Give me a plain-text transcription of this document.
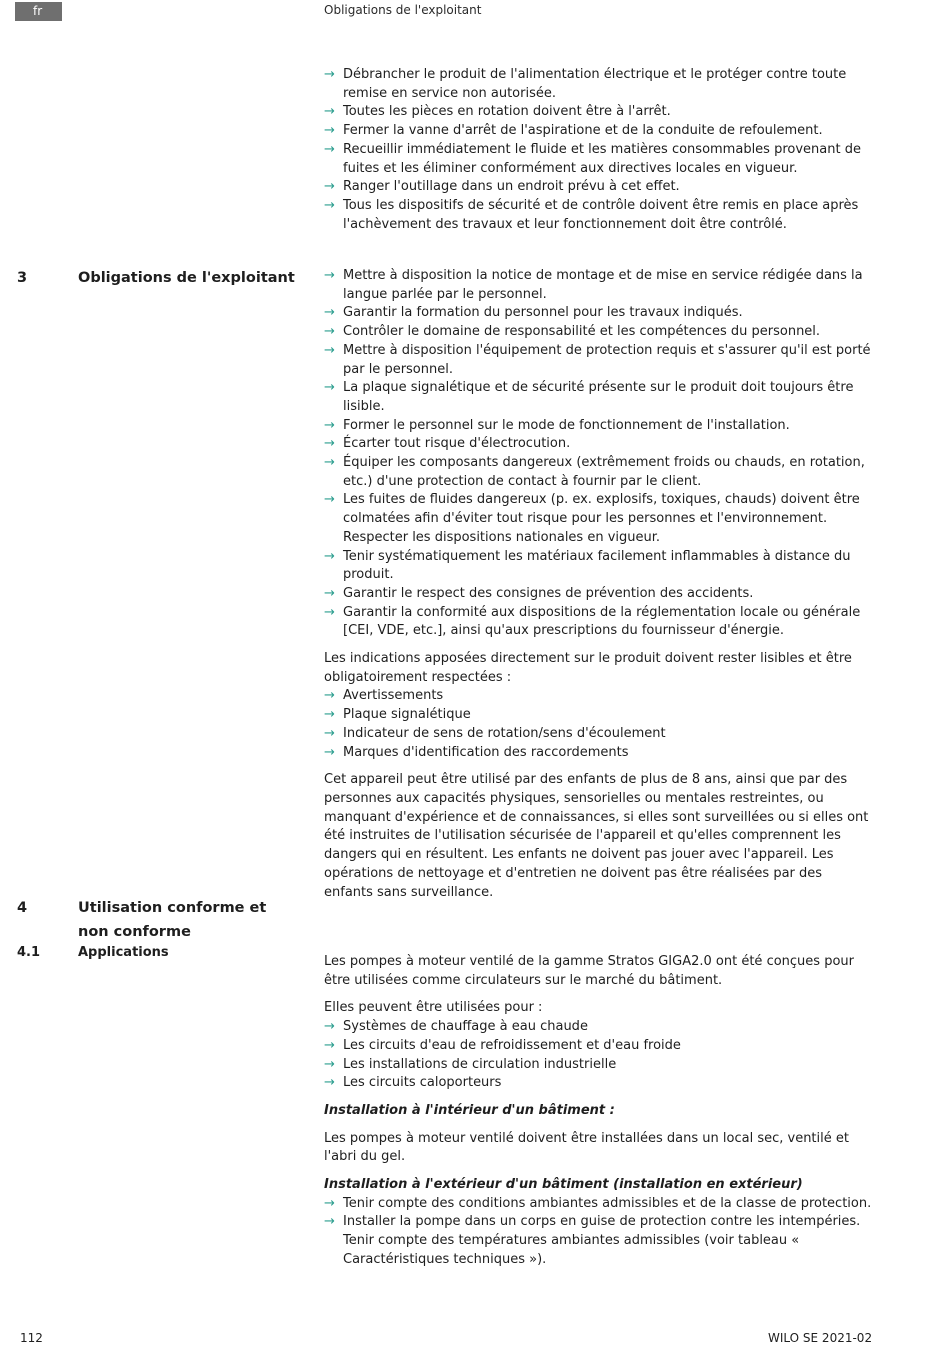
fr	Obligations de l'exploitant
→ Débrancher le produit de l'alimentation électrique et le protéger contre toute remise en service non autorisée.
→ Toutes les pièces en rotation doivent être à l'arrêt.
→ Fermer la vanne d'arrêt de l'aspiratione et de la conduite de refoulement.
→ Recueillir immédiatement le fluide et les matières consommables provenant de fuites et les éliminer conformément aux directives locales en vigueur.
→ Ranger l'outillage dans un endroit prévu à cet effet.
→ Tous les dispositifs de sécurité et de contrôle doivent être remis en place après l'achèvement des travaux et leur fonctionnement doit être contrôlé.
3	Obligations de l'exploitant → Mettre à disposition la notice de montage et de mise en service rédigée dans la langue parlée par le personnel.
→ Garantir la formation du personnel pour les travaux indiqués.
→ Contrôler le domaine de responsabilité et les compétences du personnel.
→ Mettre à disposition l'équipement de protection requis et s'assurer qu'il est porté par le personnel.
→ La plaque signalétique et de sécurité présente sur le produit doit toujours être lisible.
→ Former le personnel sur le mode de fonctionnement de l'installation.
→ Écarter tout risque d'électrocution.
→ Équiper les composants dangereux (extrêmement froids ou chauds, en rotation, etc.) d'une protection de contact à fournir par le client.
→ Les fuites de fluides dangereux (p. ex. explosifs, toxiques, chauds) doivent être colmatées afin d'éviter tout risque pour les personnes et l'environnement. Respecter les dispositions nationales en vigueur.
→ Tenir systématiquement les matériaux facilement inflammables à distance du produit.
→ Garantir le respect des consignes de prévention des accidents.
→ Garantir la conformité aux dispositions de la réglementation locale ou générale [CEI, VDE, etc.], ainsi qu'aux prescriptions du fournisseur d'énergie.

Les indications apposées directement sur le produit doivent rester lisibles et être obligatoirement respectées :

→ Avertissements
→ Plaque signalétique
→ Indicateur de sens de rotation/sens d'écoulement
→ Marques d'identification des raccordements

Cet appareil peut être utilisé par des enfants de plus de 8 ans, ainsi que par des personnes aux capacités physiques, sensorielles ou mentales restreintes, ou manquant d'expérience et de connaissances, si elles sont surveillées ou si elles ont été instruites de l'utilisation sécurisée de l'appareil et qu'elles comprennent les dangers qui en résultent. Les enfants ne doivent pas jouer avec l'appareil. Les opérations de nettoyage et d'entretien ne doivent pas être réalisées par des enfants sans surveillance.

4	Utilisation conforme et non conforme
4.1	Applications

Les pompes à moteur ventilé de la gamme Stratos GIGA2.0 ont été conçues pour être utilisées comme circulateurs sur le marché du bâtiment.

Elles peuvent être utilisées pour :

→ Systèmes de chauffage à eau chaude
→ Les circuits d'eau de refroidissement et d'eau froide
→ Les installations de circulation industrielle
→ Les circuits caloporteurs

Installation à l'intérieur d'un bâtiment :

Les pompes à moteur ventilé doivent être installées dans un local sec, ventilé et l'abri du gel.

Installation à l'extérieur d'un bâtiment (installation en extérieur)

→ Tenir compte des conditions ambiantes admissibles et de la classe de protection.
→ Installer la pompe dans un corps en guise de protection contre les intempéries. Tenir compte des températures ambiantes admissibles (voir tableau « Caractéristiques techniques »).
112	WILO SE 2021-02
